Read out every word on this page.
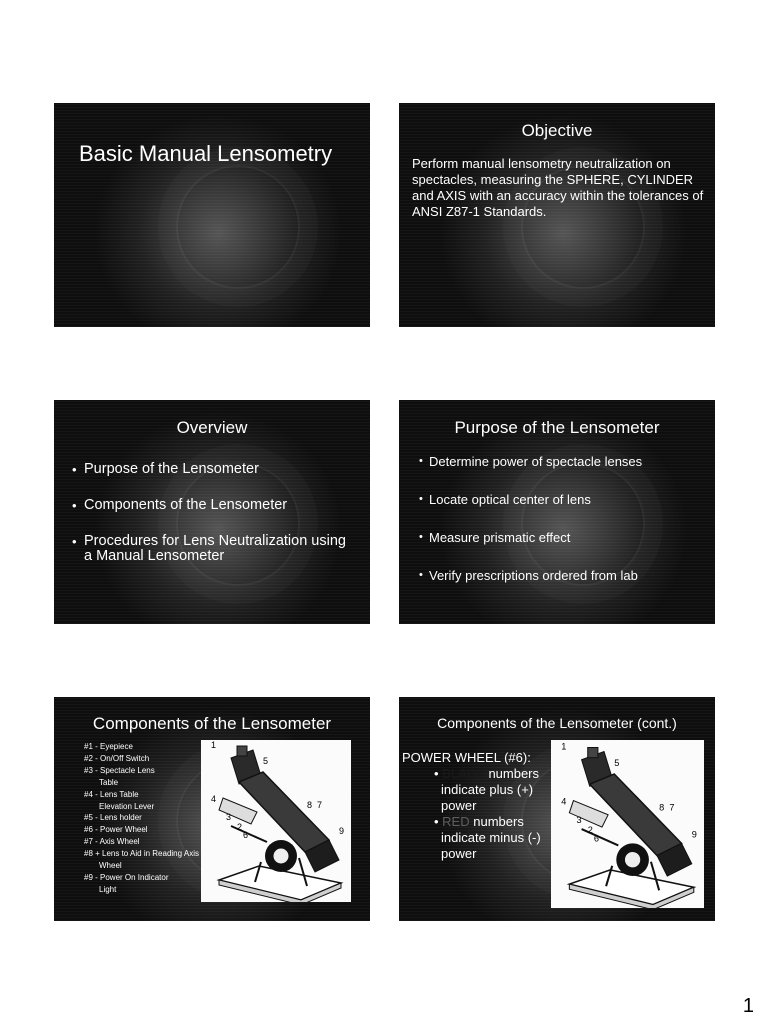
Basic Manual Lensometry
Objective
Perform manual lensometry neutralization on spectacles, measuring the SPHERE, CYLINDER and AXIS with an accuracy within the tolerances of ANSI Z87-1 Standards.
Overview
• Purpose of the Lensometer
• Components of the Lensometer
• Procedures for Lens Neutralization using a Manual Lensometer
Purpose of the Lensometer
• Determine power of spectacle lenses
• Locate optical center of lens
• Measure prismatic effect
• Verify prescriptions ordered from lab
Components of the Lensometer
#1 - Eyepiece
#2 - On/Off Switch
#3 - Spectacle Lens
Table
#4 - Lens Table
Elevation Lever
#5 - Lens holder
#6 - Power Wheel
#7 - Axis Wheel
#8 + Lens to Aid in Reading Axis
Wheel
#9 - Power On Indicator
Light
1
2
3
4
5
6
7
8
9
Components of the Lensometer (cont.)
POWER WHEEL (#6):
• BLACK numbers indicate plus (+) power
• RED numbers indicate minus (-) power
1
2
3
4
5
6
7
8
9
1
